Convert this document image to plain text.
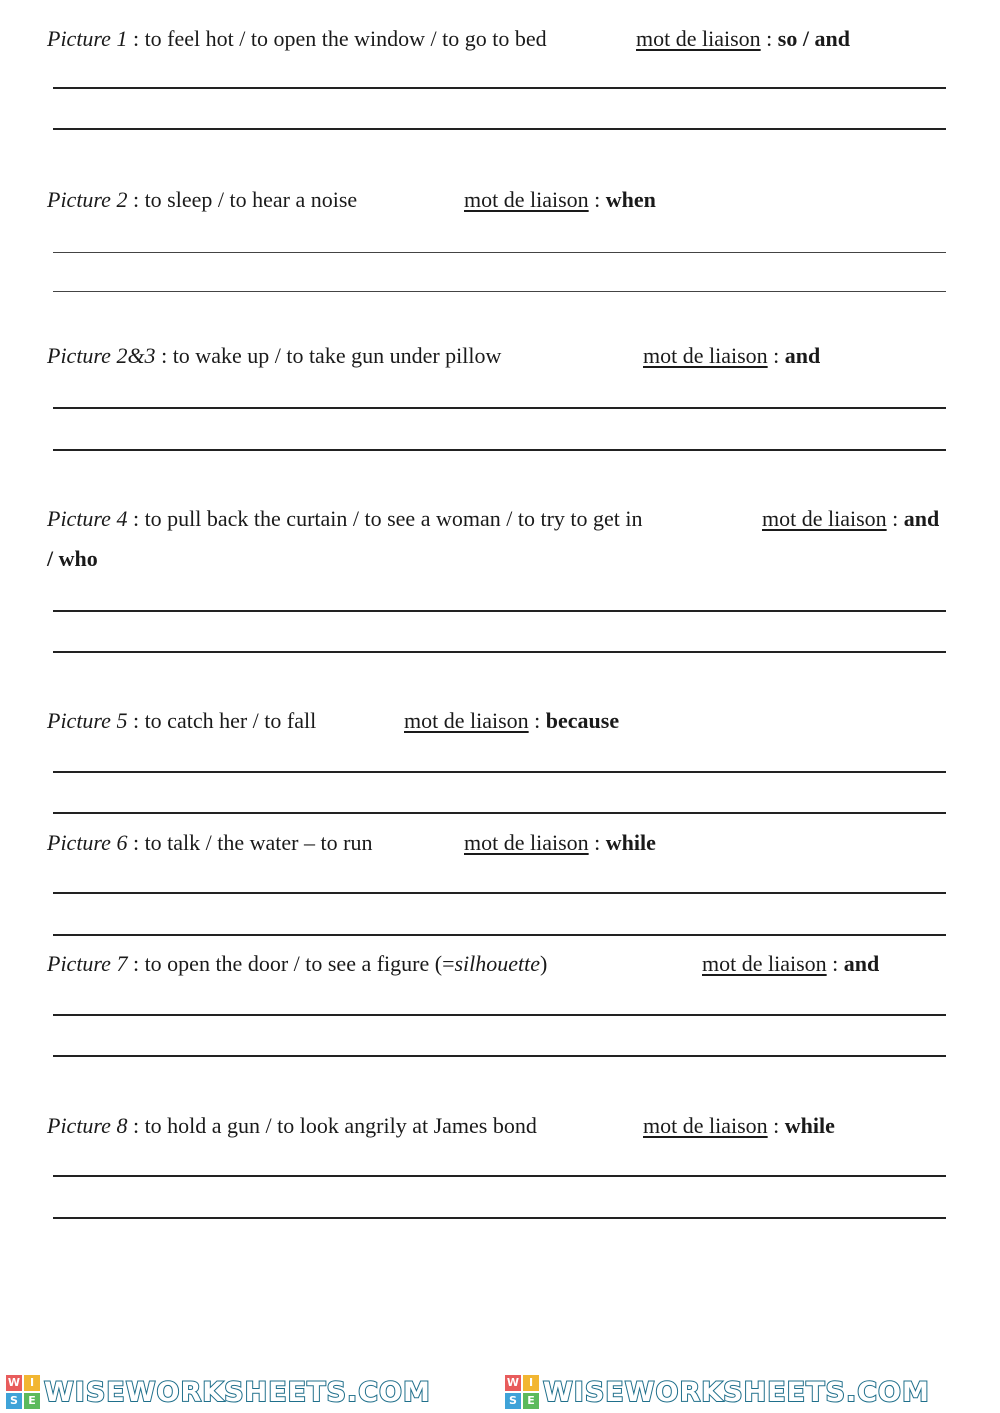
Picture 1 : to feel hot / to open the window / to go to bed	mot de liaison : so / and
Picture 2 : to sleep / to hear a noise	mot de liaison : when
Picture 2&3 : to wake up / to take gun under pillow	mot de liaison : and
Picture 4 : to pull back the curtain / to see a woman / to try to get in	mot de liaison : and
/ who
Picture 5 : to catch her / to fall	mot de liaison : because
Picture 6 : to talk / the water – to run	mot de liaison : while
Picture 7 : to open the door / to see a figure (=silhouette)	mot de liaison : and
Picture 8 : to hold a gun / to look angrily at James bond	mot de liaison : while
W I
S E WISEWORKSHEETS.COM	W I
S E WISEWORKSHEETS.COM
